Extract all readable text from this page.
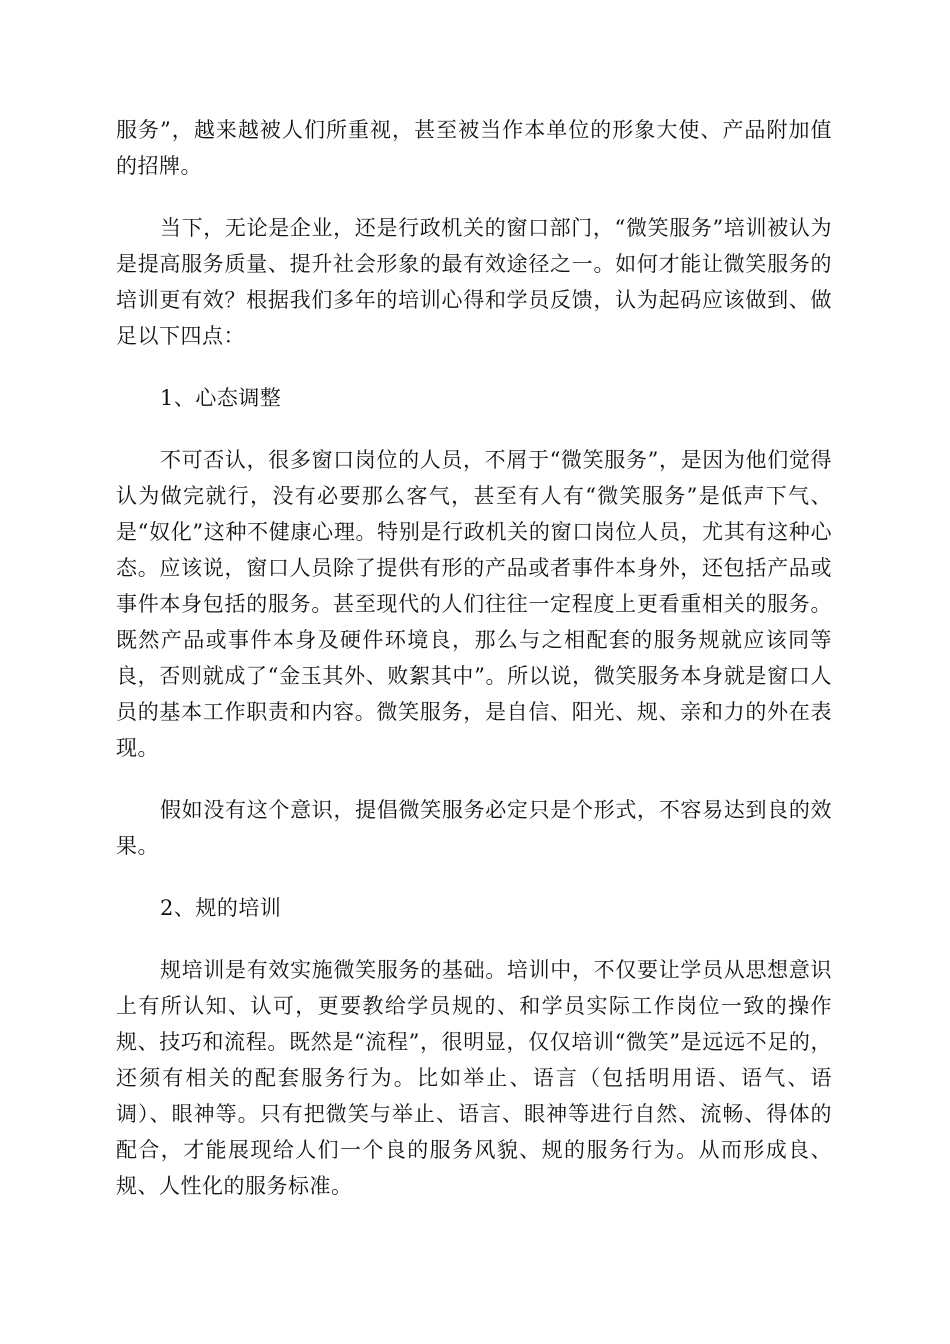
服务”，越来越被人们所重视，甚至被当作本单位的形象大使、产品附加值的招牌。

当下，无论是企业，还是行政机关的窗口部门，“微笑服务”培训被认为是提高服务质量、提升社会形象的最有效途径之一。如何才能让微笑服务的培训更有效？根据我们多年的培训心得和学员反馈，认为起码应该做到、做足以下四点：

1、心态调整

不可否认，很多窗口岗位的人员，不屑于“微笑服务”，是因为他们觉得认为做完就行，没有必要那么客气，甚至有人有“微笑服务”是低声下气、是“奴化”这种不健康心理。特别是行政机关的窗口岗位人员，尤其有这种心态。应该说，窗口人员除了提供有形的产品或者事件本身外，还包括产品或事件本身包括的服务。甚至现代的人们往往一定程度上更看重相关的服务。既然产品或事件本身及硬件环境良，那么与之相配套的服务规就应该同等良，否则就成了“金玉其外、败絮其中”。所以说，微笑服务本身就是窗口人员的基本工作职责和内容。微笑服务，是自信、阳光、规、亲和力的外在表现。

假如没有这个意识，提倡微笑服务必定只是个形式，不容易达到良的效果。

2、规的培训

规培训是有效实施微笑服务的基础。培训中，不仅要让学员从思想意识上有所认知、认可，更要教给学员规的、和学员实际工作岗位一致的操作规、技巧和流程。既然是“流程”，很明显，仅仅培训“微笑”是远远不足的，还须有相关的配套服务行为。比如举止、语言（包括明用语、语气、语调）、眼神等。只有把微笑与举止、语言、眼神等进行自然、流畅、得体的配合，才能展现给人们一个良的服务风貌、规的服务行为。从而形成良、规、人性化的服务标准。
